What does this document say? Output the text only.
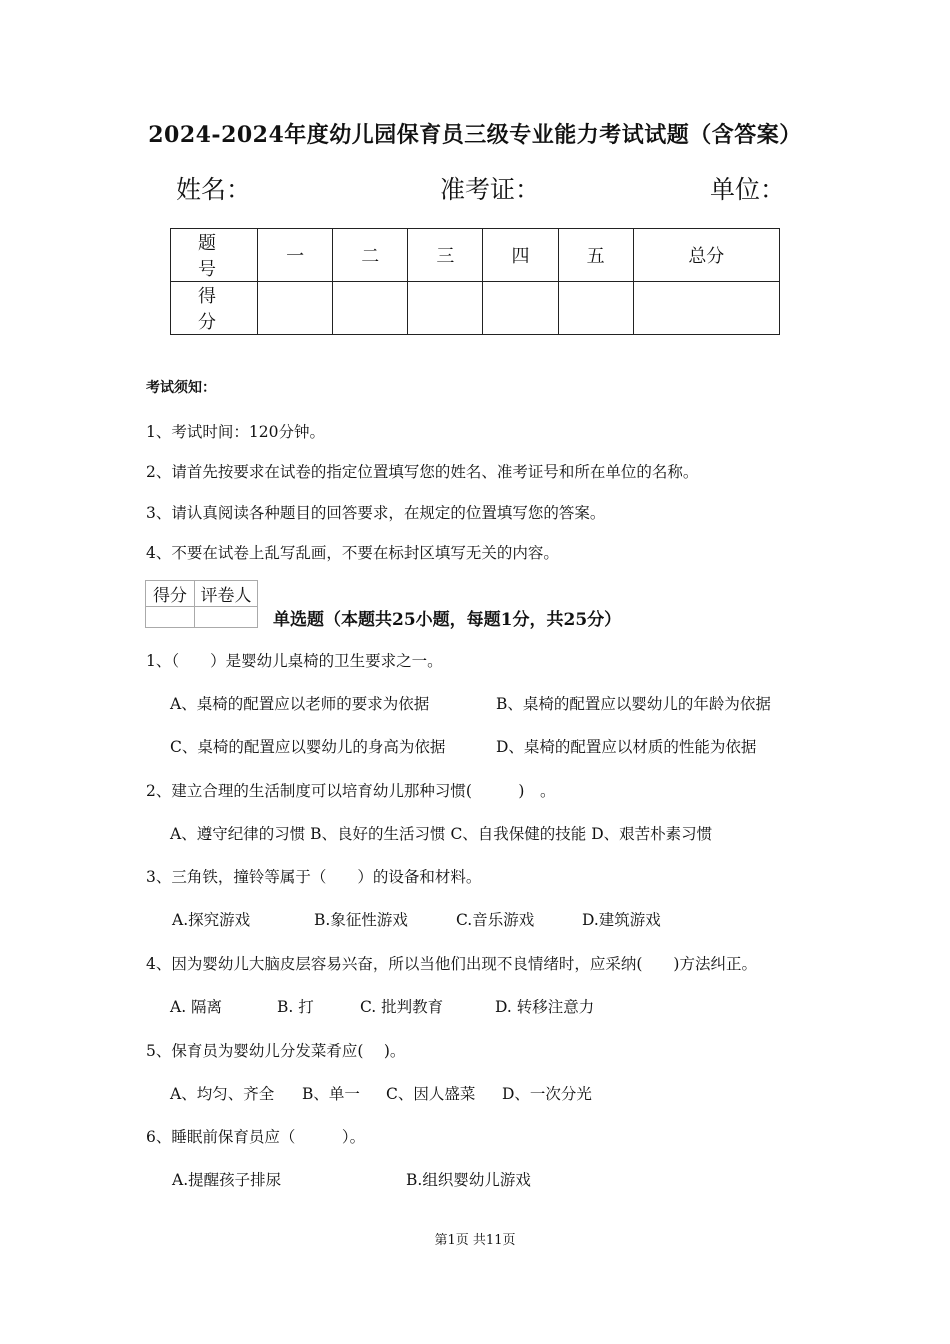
2024-2024年度幼儿园保育员三级专业能力考试试题（含答案）
姓名：	准考证：	单位：
题　号	一	二	三	四	五	总分
得　分						
考试须知：
1、考试时间：120分钟。
2、请首先按要求在试卷的指定位置填写您的姓名、准考证号和所在单位的名称。
3、请认真阅读各种题目的回答要求，在规定的位置填写您的答案。
4、不要在试卷上乱写乱画，不要在标封区填写无关的内容。
得分	评卷人

单选题（本题共25小题，每题1分，共25分）
1、（　　）是婴幼儿桌椅的卫生要求之一。
A、桌椅的配置应以老师的要求为依据	B、桌椅的配置应以婴幼儿的年龄为依据
C、桌椅的配置应以婴幼儿的身高为依据	D、桌椅的配置应以材质的性能为依据
2、建立合理的生活制度可以培育幼儿那种习惯(　　　)　。
A、遵守纪律的习惯 B、良好的生活习惯 C、自我保健的技能 D、艰苦朴素习惯
3、三角铁，撞铃等属于（　　）的设备和材料。
A.探究游戏	B.象征性游戏	C.音乐游戏	D.建筑游戏
4、因为婴幼儿大脑皮层容易兴奋，所以当他们出现不良情绪时，应采纳(　　)方法纠正。
A. 隔离	B. 打	C. 批判教育	D. 转移注意力
5、保育员为婴幼儿分发菜肴应(　 )。
A、均匀、齐全 B、单一 C、因人盛菜 D、一次分光
6、睡眠前保育员应（　　　）。
A.提醒孩子排尿	B.组织婴幼儿游戏
第1页 共11页
